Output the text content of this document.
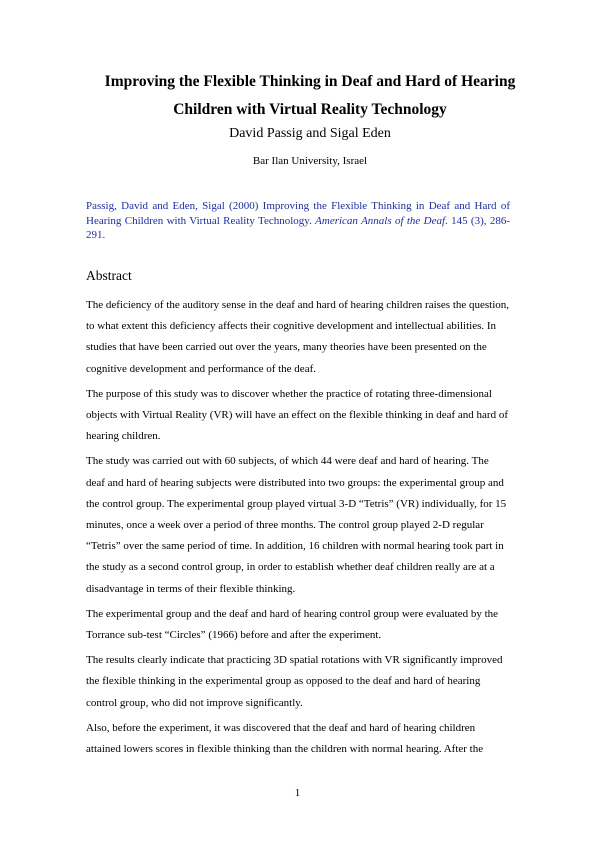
Improving the Flexible Thinking in Deaf and Hard of Hearing
Children with Virtual Reality Technology
David Passig and Sigal Eden
Bar Ilan University, Israel
Passig, David and Eden, Sigal (2000) Improving the Flexible Thinking in Deaf and Hard of Hearing Children with Virtual Reality Technology. American Annals of the Deaf. 145 (3), 286-291.
Abstract

The deficiency of the auditory sense in the deaf and hard of hearing children raises the question, to what extent this deficiency affects their cognitive development and intellectual abilities. In studies that have been carried out over the years, many theories have been presented on the cognitive development and performance of the deaf.

The purpose of this study was to discover whether the practice of rotating three-dimensional objects with Virtual Reality (VR) will have an effect on the flexible thinking in deaf and hard of hearing children.

The study was carried out with 60 subjects, of which 44 were deaf and hard of hearing. The deaf and hard of hearing subjects were distributed into two groups: the experimental group and the control group. The experimental group played virtual 3-D “Tetris” (VR) individually, for 15 minutes, once a week over a period of three months. The control group played 2-D regular “Tetris” over the same period of time. In addition, 16 children with normal hearing took part in the study as a second control group, in order to establish whether deaf children really are at a disadvantage in terms of their flexible thinking.

The experimental group and the deaf and hard of hearing control group were evaluated by the Torrance sub-test “Circles” (1966) before and after the experiment.

The results clearly indicate that practicing 3D spatial rotations with VR significantly improved the flexible thinking in the experimental group as opposed to the deaf and hard of hearing control group, who did not improve significantly.

Also, before the experiment, it was discovered that the deaf and hard of hearing children attained lowers scores in flexible thinking than the children with normal hearing. After the

1
